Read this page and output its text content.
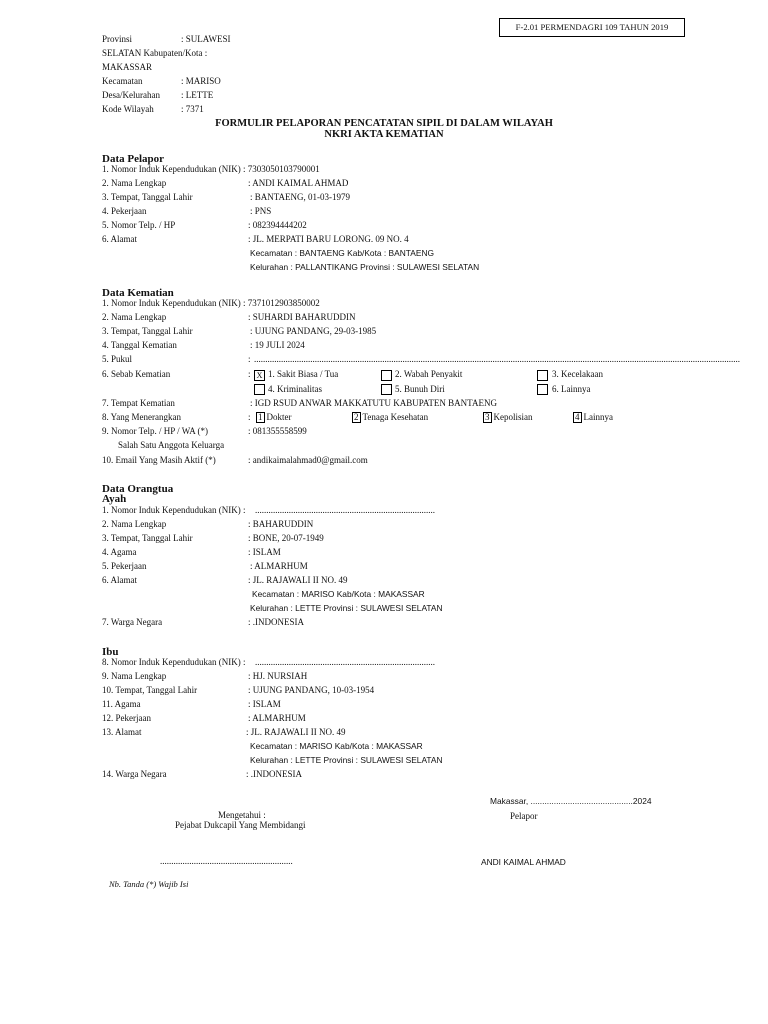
F-2.01 PERMENDAGRI 109 TAHUN 2019
Provinsi	: SULAWESI
SELATAN Kabupaten/Kota :
MAKASSAR
Kecamatan	: MARISO
Desa/Kelurahan : LETTE
Kode Wilayah	: 7371
FORMULIR PELAPORAN PENCATATAN SIPIL DI DALAM WILAYAH
NKRI AKTA KEMATIAN
Data Pelapor
1. Nomor Induk Kependudukan (NIK) : 7303050103790001
2. Nama Lengkap	: ANDI KAIMAL AHMAD
3. Tempat, Tanggal Lahir	: BANTAENG, 01-03-1979
4. Pekerjaan	: PNS
5. Nomor Telp. / HP	: 082394444202
6. Alamat	: JL. MERPATI BARU LORONG. 09 NO. 4
Kecamatan : BANTAENG Kab/Kota : BANTAENG
Kelurahan : PALLANTIKANG Provinsi : SULAWESI SELATAN
Data Kematian
1. Nomor Induk Kependudukan (NIK) : 7371012903850002
2. Nama Lengkap	: SUHARDI BAHARUDDIN
3. Tempat, Tanggal Lahir	: UJUNG PANDANG, 29-03-1985
4. Tanggal Kematian	: 19 JULI 2024
5. Pukul	: ........................................................................................................................................................................................................................
6. Sebab Kematian	: X 1. Sakit Biasa / Tua	2. Wabah Penyakit	3. Kecelakaan
4. Kriminalitas	5. Bunuh Diri	6. Lainnya
7. Tempat Kematian	: IGD RSUD ANWAR MAKKATUTU KABUPATEN BANTAENG
8. Yang Menerangkan	: 1 Dokter	2 Tenaga Kesehatan	3 Kepolisian	4 Lainnya
9. Nomor Telp. / HP / WA (*)	: 081355558599
Salah Satu Anggota Keluarga
10. Email Yang Masih Aktif (*)	: andikaimalahmad0@gmail.com
Data Orangtua
Ayah
1. Nomor Induk Kependudukan (NIK) : ................................................................................
2. Nama Lengkap	: BAHARUDDIN
3. Tempat, Tanggal Lahir	: BONE, 20-07-1949
4. Agama	: ISLAM
5. Pekerjaan	: ALMARHUM
6. Alamat	: JL. RAJAWALI II NO. 49
Kecamatan : MARISO Kab/Kota : MAKASSAR
Kelurahan : LETTE Provinsi : SULAWESI SELATAN
7. Warga Negara	: .INDONESIA
Ibu
8. Nomor Induk Kependudukan (NIK) : ................................................................................
9. Nama Lengkap	: HJ. NURSIAH
10. Tempat, Tanggal Lahir	: UJUNG PANDANG, 10-03-1954
11. Agama	: ISLAM
12. Pekerjaan	: ALMARHUM
13. Alamat	: JL. RAJAWALI II NO. 49
Kecamatan : MARISO Kab/Kota : MAKASSAR
Kelurahan : LETTE Provinsi : SULAWESI SELATAN
14. Warga Negara	: .INDONESIA
Makassar, ............................................2024
Pelapor
Mengetahui :
Pejabat Dukcapil Yang Membidangi
...........................................................	ANDI KAIMAL AHMAD
Nb. Tanda (*) Wajib Isi
